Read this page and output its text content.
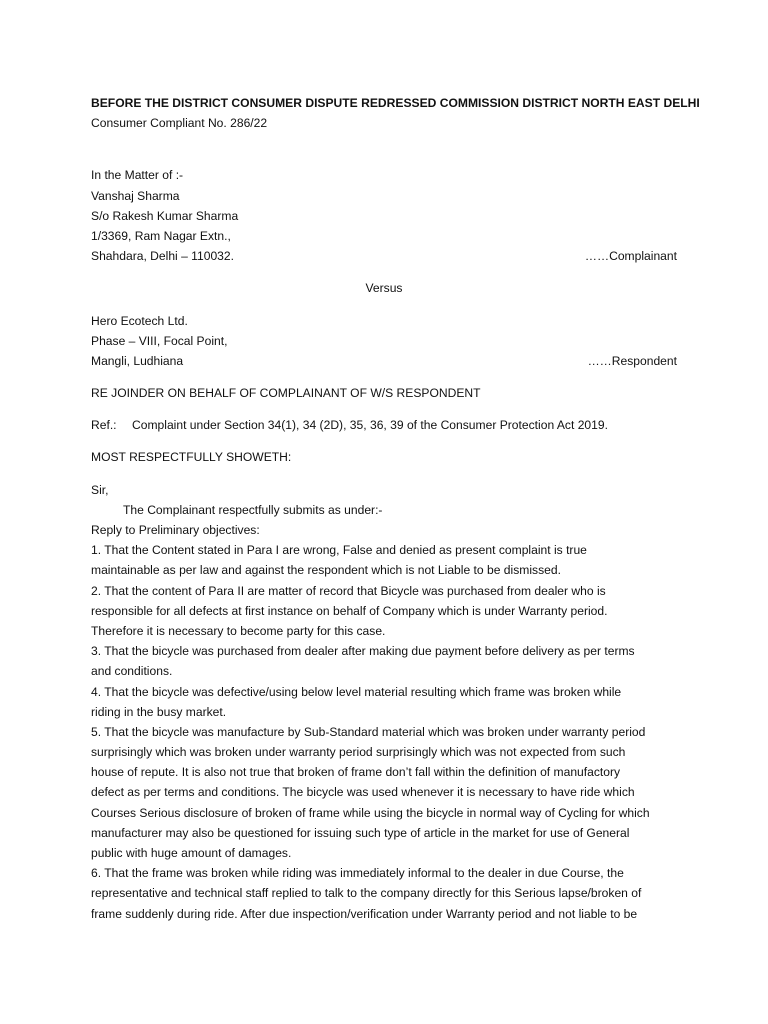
BEFORE THE DISTRICT CONSUMER DISPUTE REDRESSED COMMISSION DISTRICT NORTH EAST DELHI
Consumer Compliant No. 286/22
In the Matter of :-
Vanshaj Sharma
S/o Rakesh Kumar Sharma
1/3369, Ram Nagar Extn.,
Shahdara, Delhi – 110032.	……Complainant
Versus
Hero Ecotech Ltd.
Phase – VIII, Focal Point,
Mangli, Ludhiana	……Respondent
RE JOINDER ON BEHALF OF COMPLAINANT OF W/S RESPONDENT
Ref.: Complaint under Section 34(1), 34 (2D), 35, 36, 39 of the Consumer Protection Act 2019.
MOST RESPECTFULLY SHOWETH:
Sir,
The Complainant respectfully submits as under:-
Reply to Preliminary objectives:
1. That the Content stated in Para I are wrong, False and denied as present complaint is true
maintainable as per law and against the respondent which is not Liable to be dismissed.
2. That the content of Para II are matter of record that Bicycle was purchased from dealer who is
responsible for all defects at first instance on behalf of Company which is under Warranty period.
Therefore it is necessary to become party for this case.
3. That the bicycle was purchased from dealer after making due payment before delivery as per terms
and conditions.
4. That the bicycle was defective/using below level material resulting which frame was broken while
riding in the busy market.
5. That the bicycle was manufacture by Sub-Standard material which was broken under warranty period
surprisingly which was broken under warranty period surprisingly which was not expected from such
house of repute. It is also not true that broken of frame don’t fall within the definition of manufactory
defect as per terms and conditions. The bicycle was used whenever it is necessary to have ride which
Courses Serious disclosure of broken of frame while using the bicycle in normal way of Cycling for which
manufacturer may also be questioned for issuing such type of article in the market for use of General
public with huge amount of damages.
6. That the frame was broken while riding was immediately informal to the dealer in due Course, the
representative and technical staff replied to talk to the company directly for this Serious lapse/broken of
frame suddenly during ride. After due inspection/verification under Warranty period and not liable to be
